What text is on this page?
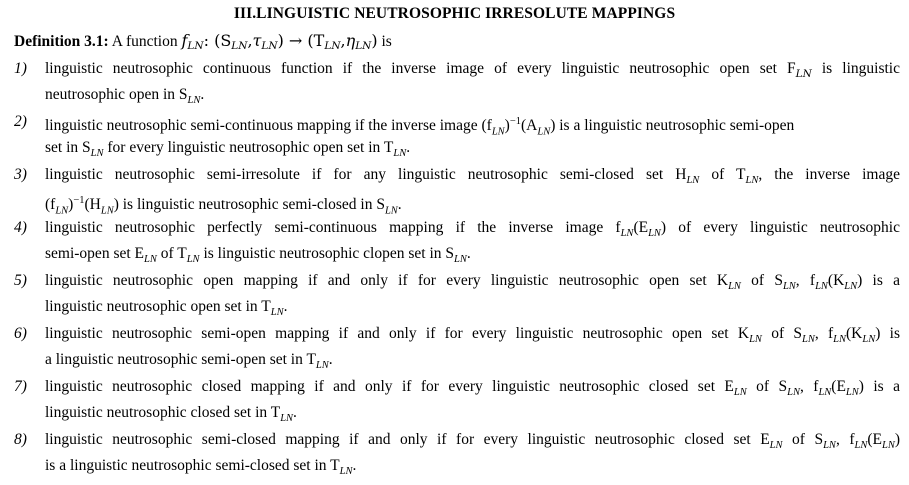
III.LINGUISTIC NEUTROSOPHIC IRRESOLUTE MAPPINGS
Definition 3.1: A function $f_{LN}$: $(S_{LN},\tau_{LN}) \to (T_{LN},\eta_{LN})$ is
1)	linguistic neutrosophic continuous function if the inverse image of every linguistic neutrosophic open set $F_{LN}$ is linguistic
neutrosophic open in $S_{LN}$.
2)	linguistic neutrosophic semi-continuous mapping if the inverse image $(f_{LN})^{-1}(A_{LN})$ is a linguistic neutrosophic semi-open
set in $S_{LN}$ for every linguistic neutrosophic open set in $T_{LN}$.
3)	linguistic neutrosophic semi-irresolute if for any linguistic neutrosophic semi-closed set $H_{LN}$ of $T_{LN}$, the inverse image
$(f_{LN})^{-1}(H_{LN})$ is linguistic neutrosophic semi-closed in $S_{LN}$.
4)	linguistic neutrosophic perfectly semi-continuous mapping if the inverse image $f_{LN}(E_{LN})$ of every linguistic neutrosophic
semi-open set $E_{LN}$ of $T_{LN}$ is linguistic neutrosophic clopen set in $S_{LN}$.
5)	linguistic neutrosophic open mapping if and only if for every linguistic neutrosophic open set $K_{LN}$ of $S_{LN}$, $f_{LN}(K_{LN})$ is a
linguistic neutrosophic open set in $T_{LN}$.
6)	linguistic neutrosophic semi-open mapping if and only if for every linguistic neutrosophic open set $K_{LN}$ of $S_{LN}$, $f_{LN}(K_{LN})$ is
a linguistic neutrosophic semi-open set in $T_{LN}$.
7)	linguistic neutrosophic closed mapping if and only if for every linguistic neutrosophic closed set $E_{LN}$ of $S_{LN}$, $f_{LN}(E_{LN})$ is a
linguistic neutrosophic closed set in $T_{LN}$.
8)	linguistic neutrosophic semi-closed mapping if and only if for every linguistic neutrosophic closed set $E_{LN}$ of $S_{LN}$, $f_{LN}(E_{LN})$
is a linguistic neutrosophic semi-closed set in $T_{LN}$.
